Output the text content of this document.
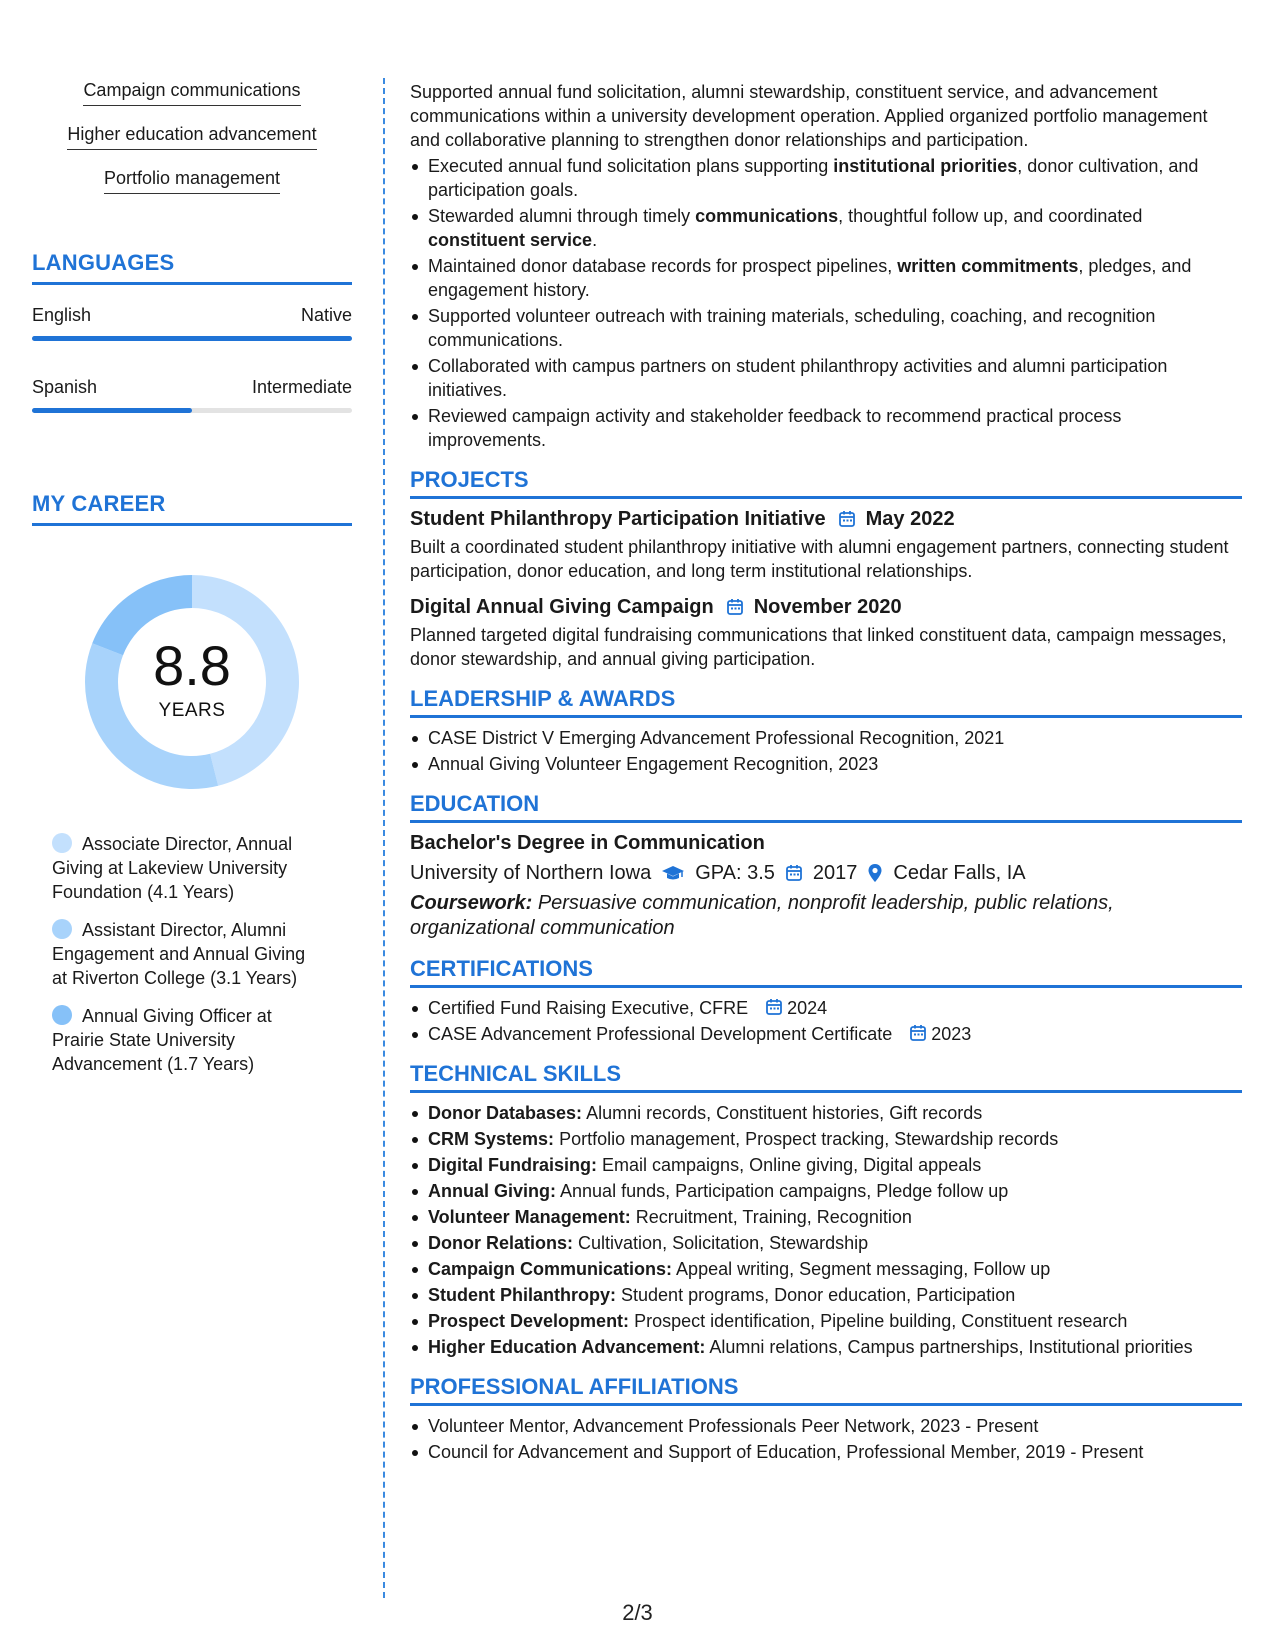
Campaign communications
Higher education advancement
Portfolio management
LANGUAGES
English	Native
Spanish	Intermediate
MY CAREER
8.8
YEARS
Associate Director, Annual Giving at Lakeview University Foundation (4.1 Years)
Assistant Director, Alumni Engagement and Annual Giving at Riverton College (3.1 Years)
Annual Giving Officer at Prairie State University Advancement (1.7 Years)

Supported annual fund solicitation, alumni stewardship, constituent service, and advancement communications within a university development operation. Applied organized portfolio management and collaborative planning to strengthen donor relationships and participation.

Executed annual fund solicitation plans supporting institutional priorities, donor cultivation, and participation goals.
Stewarded alumni through timely communications, thoughtful follow up, and coordinated constituent service.
Maintained donor database records for prospect pipelines, written commitments, pledges, and engagement history.
Supported volunteer outreach with training materials, scheduling, coaching, and recognition communications.
Collaborated with campus partners on student philanthropy activities and alumni participation initiatives.
Reviewed campaign activity and stakeholder feedback to recommend practical process improvements.
PROJECTS
Student Philanthropy Participation Initiative May 2022

Built a coordinated student philanthropy initiative with alumni engagement partners, connecting student participation, donor education, and long term institutional relationships.

Digital Annual Giving Campaign November 2020

Planned targeted digital fundraising communications that linked constituent data, campaign messages, donor stewardship, and annual giving participation.

LEADERSHIP & AWARDS
CASE District V Emerging Advancement Professional Recognition, 2021
Annual Giving Volunteer Engagement Recognition, 2023
EDUCATION
Bachelor's Degree in Communication
University of Northern Iowa GPA: 3.5 2017 Cedar Falls, IA
Coursework: Persuasive communication, nonprofit leadership, public relations, organizational communication
CERTIFICATIONS
Certified Fund Raising Executive, CFRE 2024
CASE Advancement Professional Development Certificate 2023
TECHNICAL SKILLS
Donor Databases: Alumni records, Constituent histories, Gift records
CRM Systems: Portfolio management, Prospect tracking, Stewardship records
Digital Fundraising: Email campaigns, Online giving, Digital appeals
Annual Giving: Annual funds, Participation campaigns, Pledge follow up
Volunteer Management: Recruitment, Training, Recognition
Donor Relations: Cultivation, Solicitation, Stewardship
Campaign Communications: Appeal writing, Segment messaging, Follow up
Student Philanthropy: Student programs, Donor education, Participation
Prospect Development: Prospect identification, Pipeline building, Constituent research
Higher Education Advancement: Alumni relations, Campus partnerships, Institutional priorities
PROFESSIONAL AFFILIATIONS
Volunteer Mentor, Advancement Professionals Peer Network, 2023 - Present
Council for Advancement and Support of Education, Professional Member, 2019 - Present
2/3
